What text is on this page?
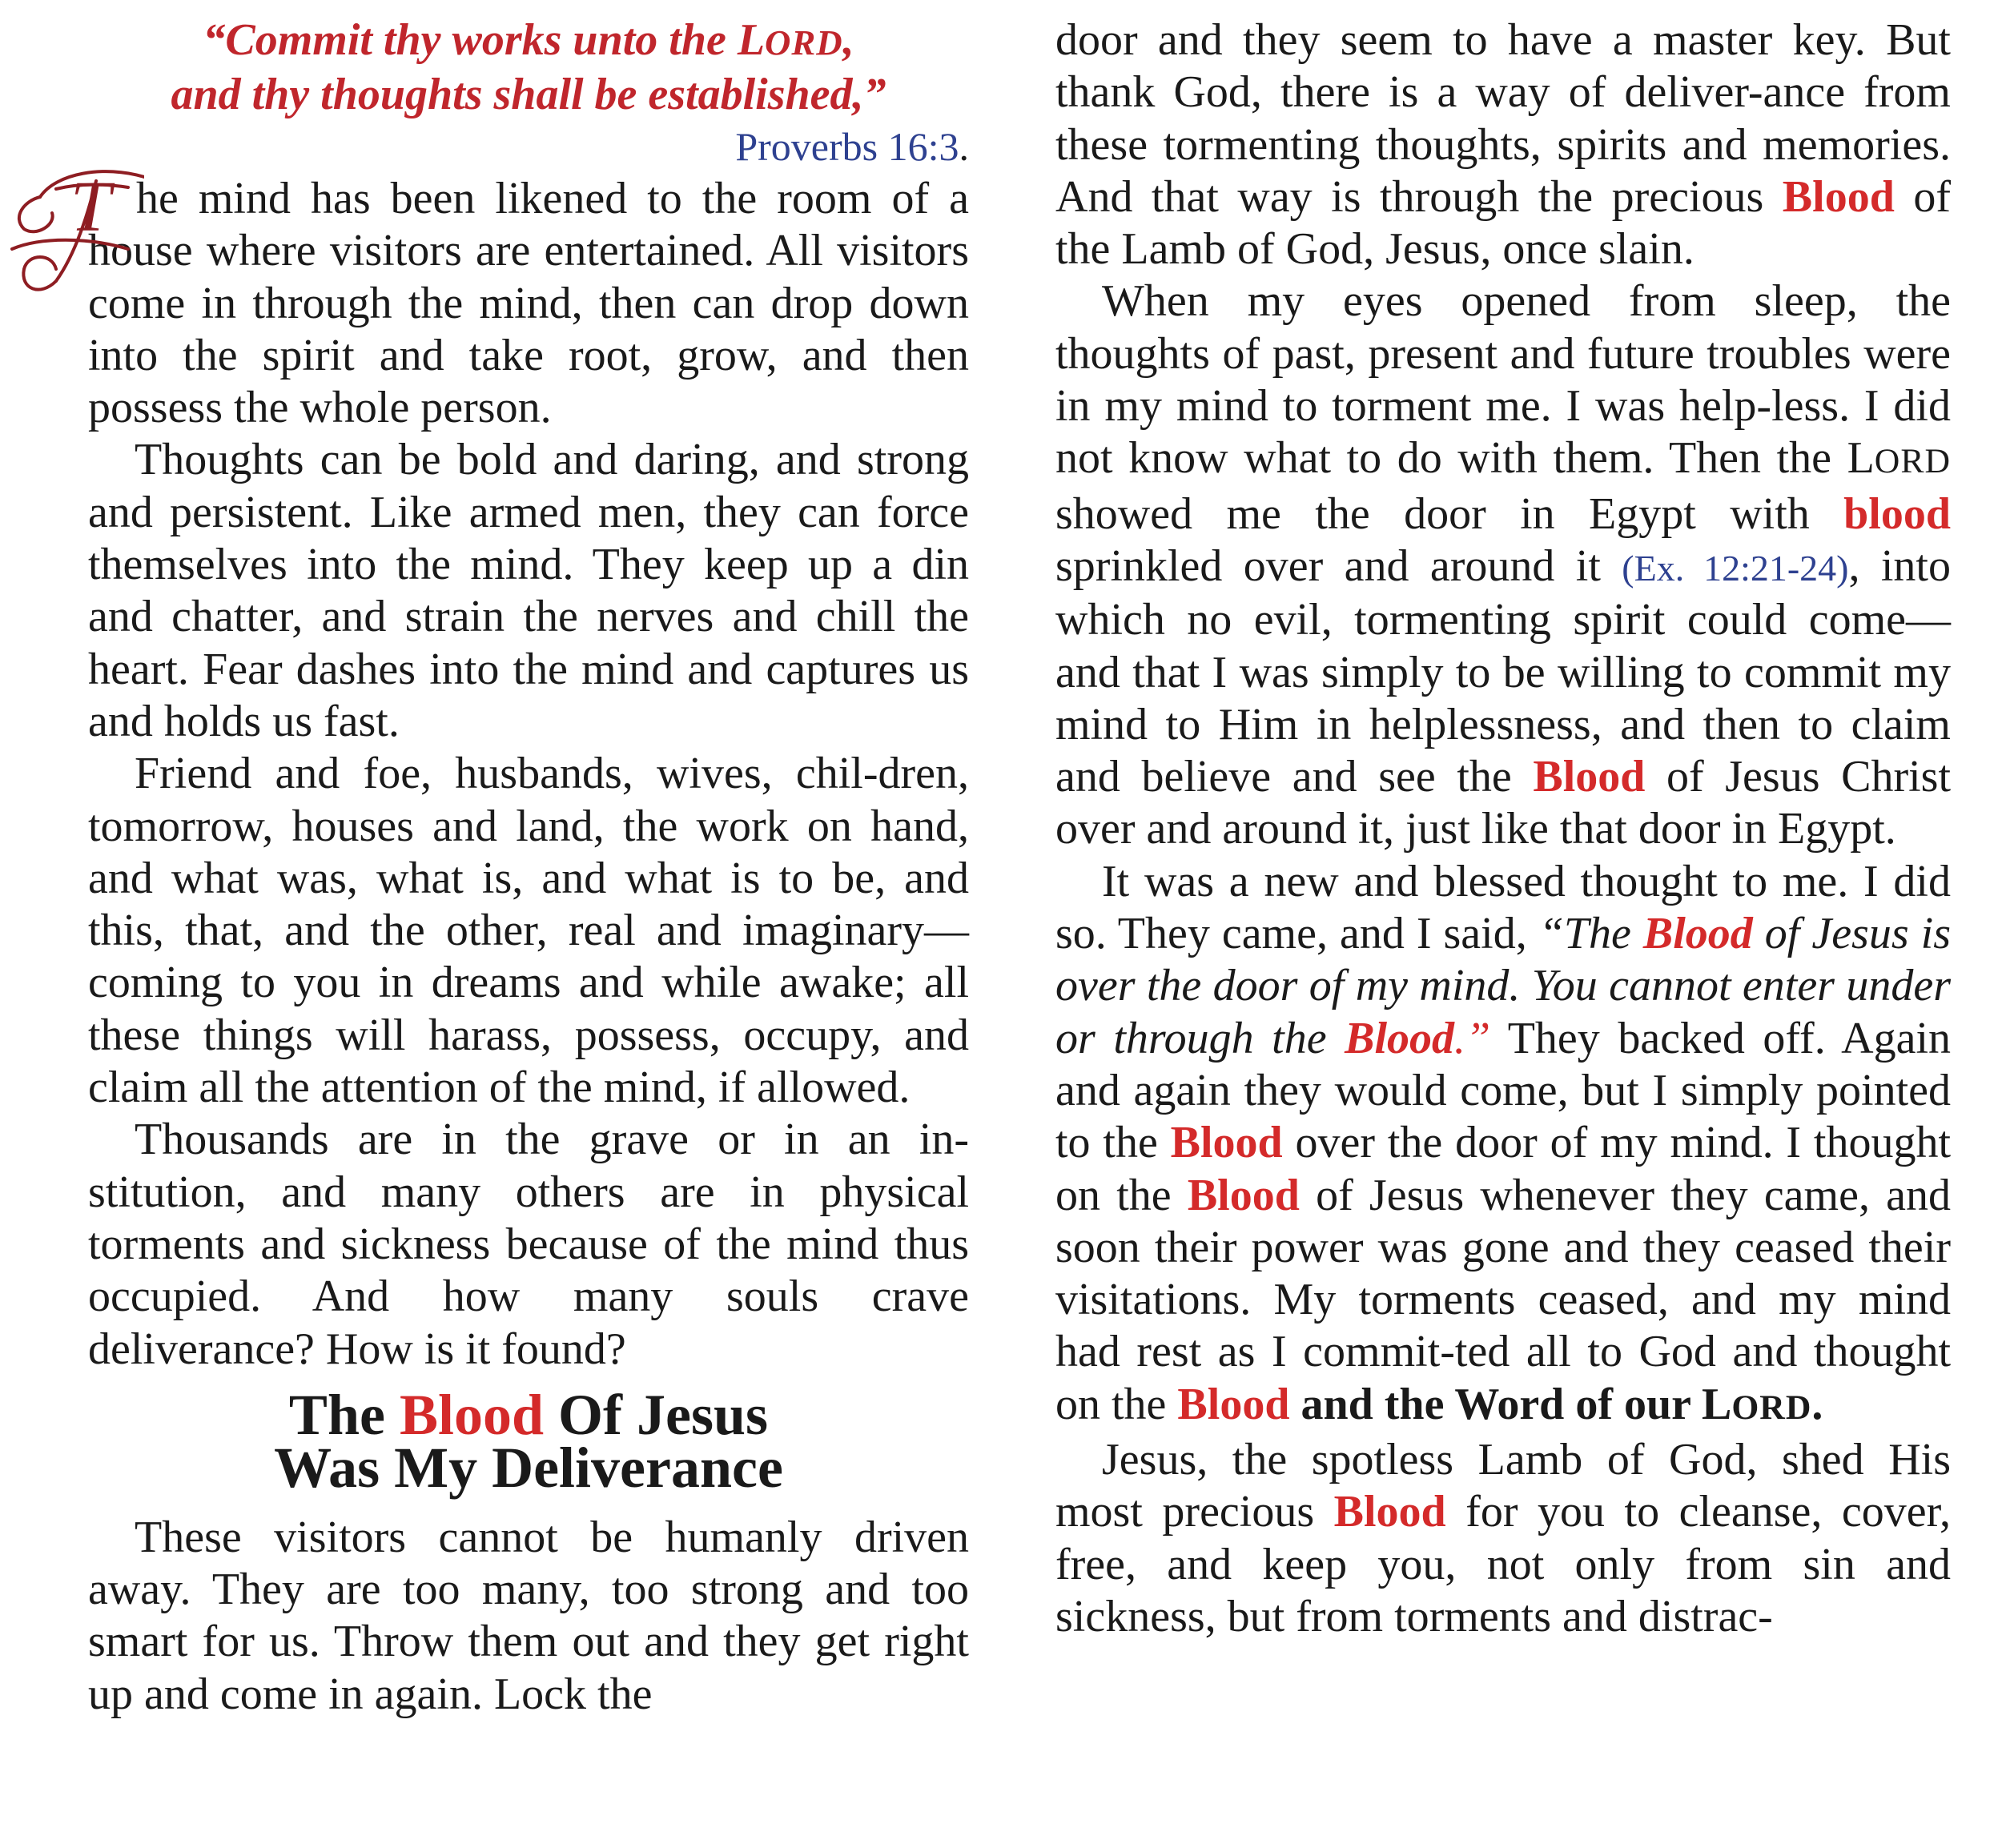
“Commit thy works unto the LORD,
and thy thoughts shall be established,”

Proverbs 16:3.

T he mind has been likened to the room of a house where visitors are entertained. All visitors come in through the mind, then can drop down into the spirit and take root, grow, and then possess the whole person.

Thoughts can be bold and daring, and strong and persistent. Like armed men, they can force themselves into the mind. They keep up a din and chatter, and strain the nerves and chill the heart. Fear dashes into the mind and captures us and holds us fast.

Friend and foe, husbands, wives, chil-dren, tomorrow, houses and land, the work on hand, and what was, what is, and what is to be, and this, that, and the other, real and imaginary—coming to you in dreams and while awake; all these things will harass, possess, occupy, and claim all the attention of the mind, if allowed.

Thousands are in the grave or in an in-stitution, and many others are in physical torments and sickness because of the mind thus occupied. And how many souls crave deliverance? How is it found?

The Blood Of Jesus
Was My Deliverance

These visitors cannot be humanly driven away. They are too many, too strong and too smart for us. Throw them out and they get right up and come in again. Lock the

door and they seem to have a master key. But thank God, there is a way of deliver-ance from these tormenting thoughts, spirits and memories. And that way is through the precious Blood of the Lamb of God, Jesus, once slain.

When my eyes opened from sleep, the thoughts of past, present and future troubles were in my mind to torment me. I was help-less. I did not know what to do with them. Then the LORD showed me the door in Egypt with blood sprinkled over and around it (Ex. 12:21-24), into which no evil, tormenting spirit could come—and that I was simply to be willing to commit my mind to Him in helplessness, and then to claim and believe and see the Blood of Jesus Christ over and around it, just like that door in Egypt.

It was a new and blessed thought to me. I did so. They came, and I said, “The Blood of Jesus is over the door of my mind. You cannot enter under or through the Blood.” They backed off. Again and again they would come, but I simply pointed to the Blood over the door of my mind. I thought on the Blood of Jesus whenever they came, and soon their power was gone and they ceased their visitations. My torments ceased, and my mind had rest as I commit-ted all to God and thought on the Blood and the Word of our LORD.

Jesus, the spotless Lamb of God, shed His most precious Blood for you to cleanse, cover, free, and keep you, not only from sin and sickness, but from torments and distrac-
